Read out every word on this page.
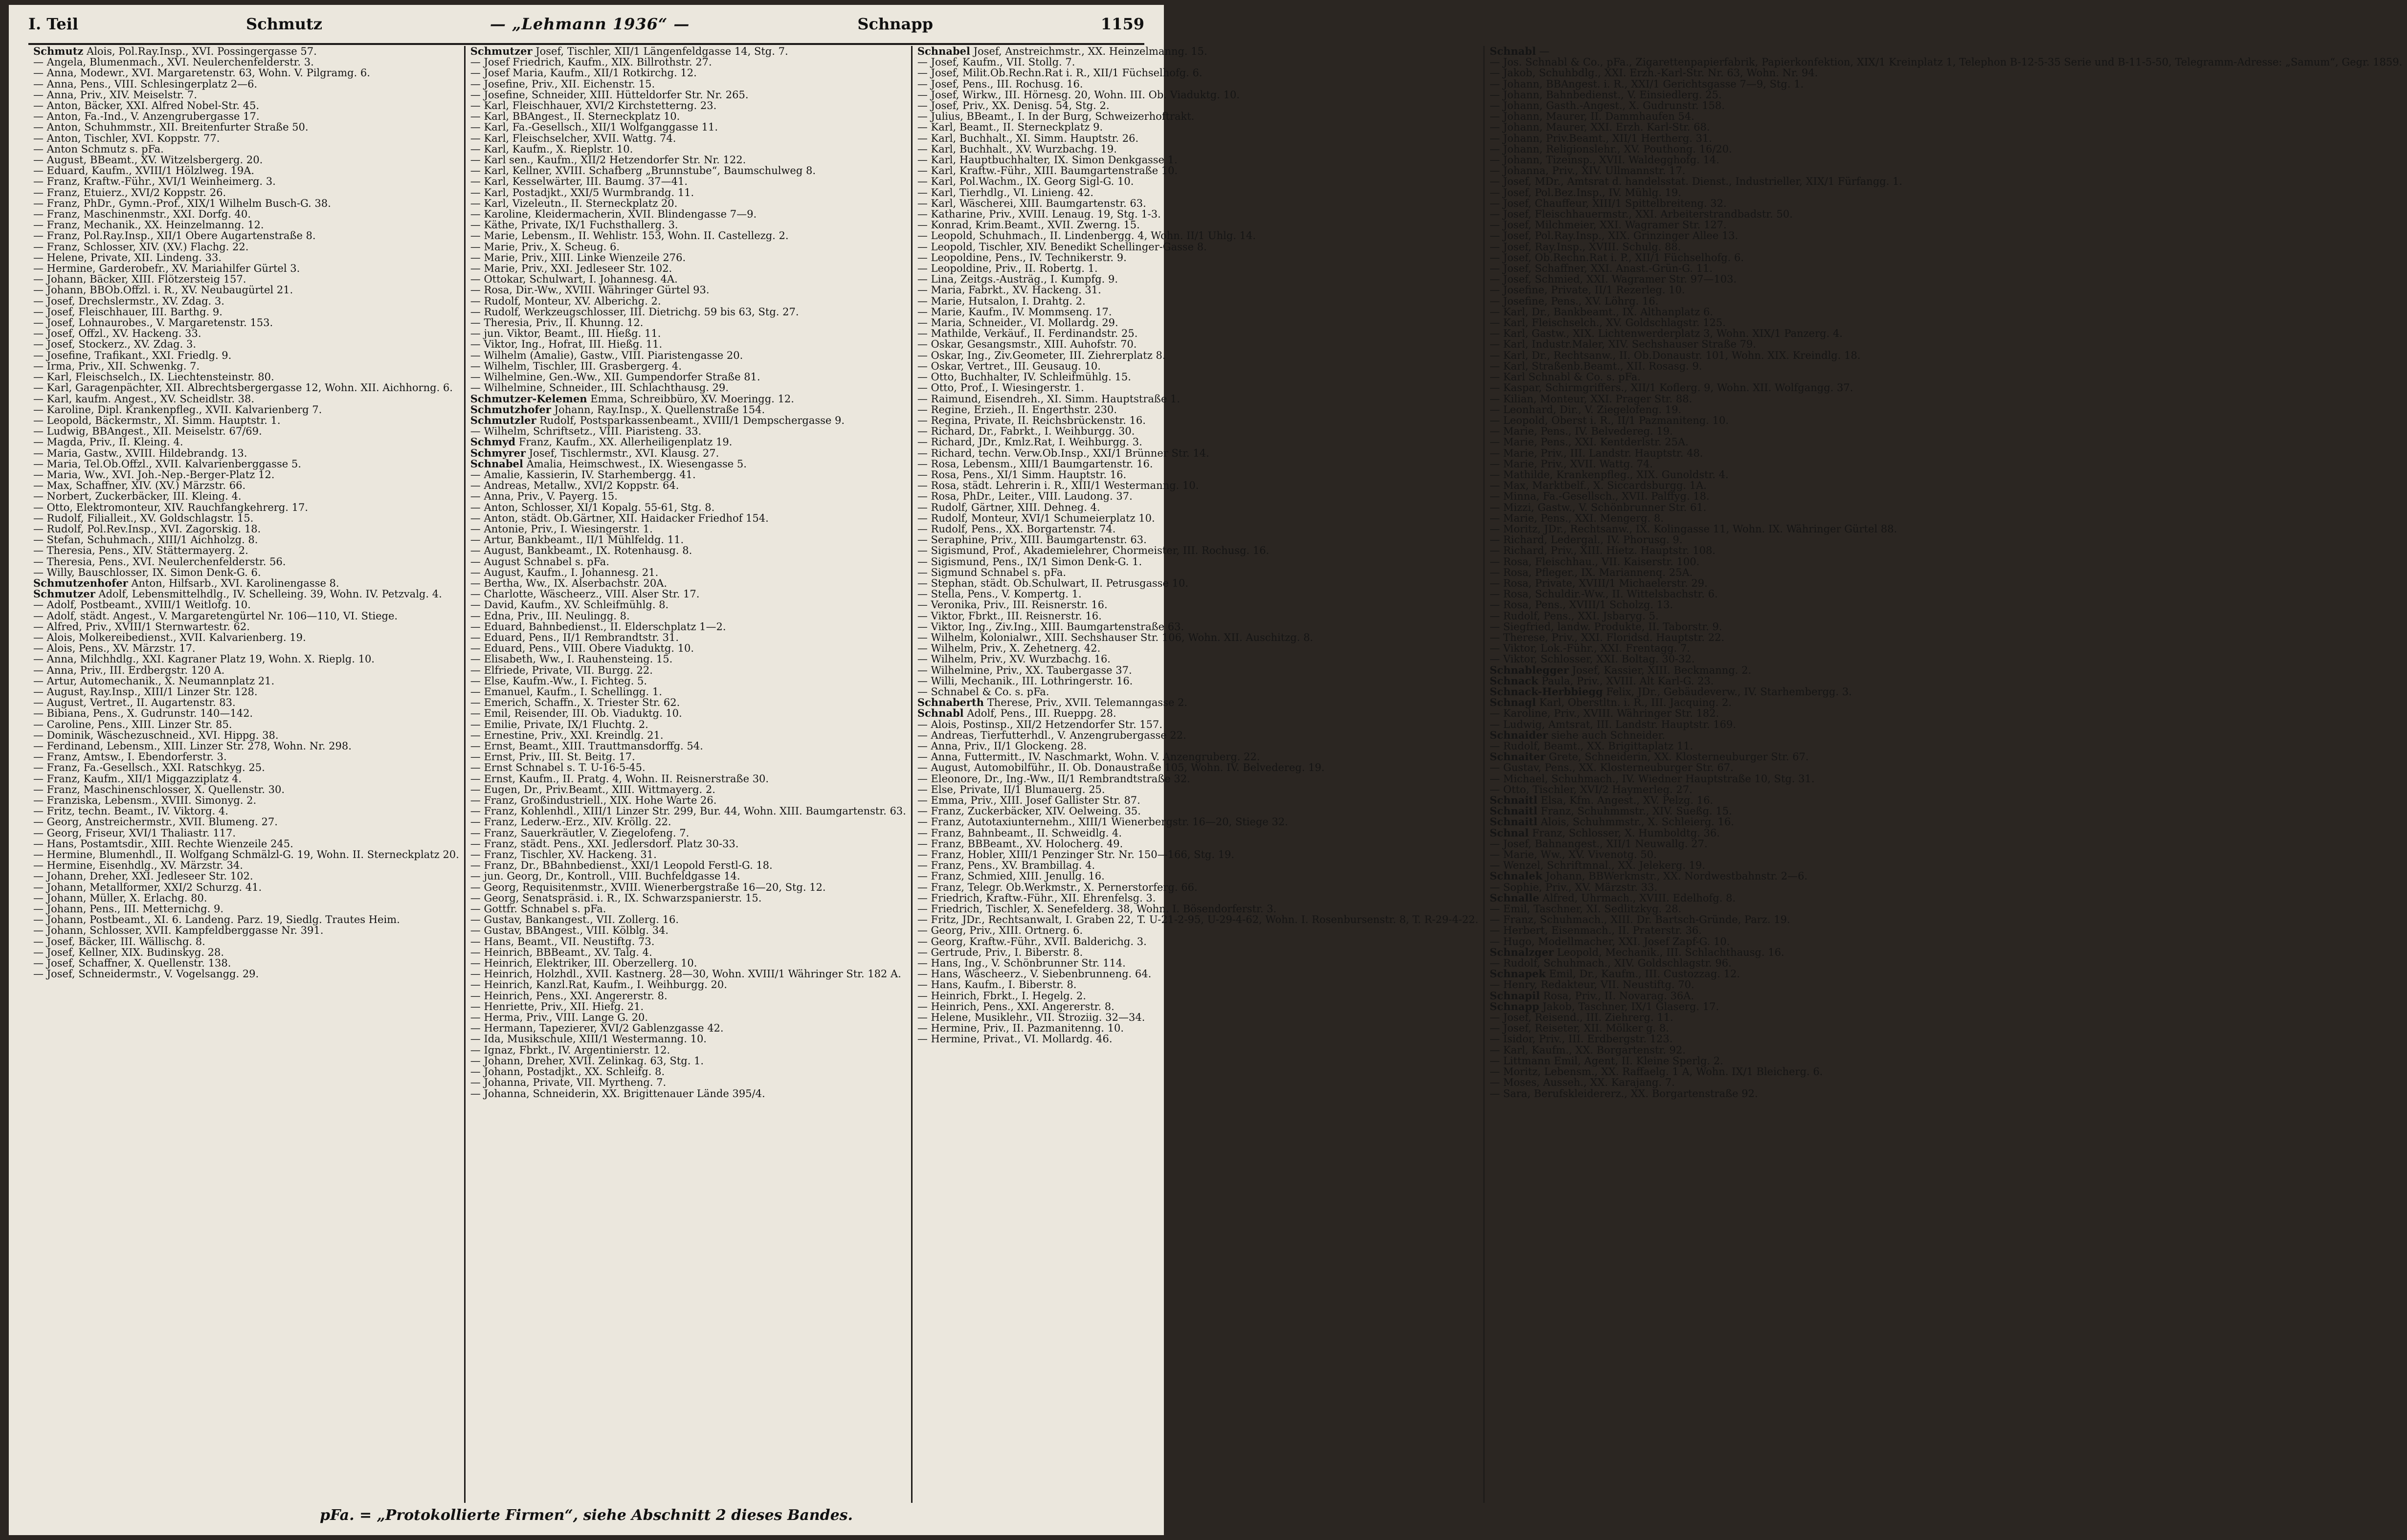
I. Teil	Schmutz	— „Lehmann 1936“ —	Schnapp	1159

Schmutz Alois, Pol.Ray.Insp., XVI. Possingergasse 57.

— Angela, Blumenmach., XVI. Neulerchenfelderstr. 3.

— Anna, Modewr., XVI. Margaretenstr. 63, Wohn. V. Pilgramg. 6.

— Anna, Pens., VIII. Schlesingerplatz 2—6.

— Anna, Priv., XIV. Meiselstr. 7.

— Anton, Bäcker, XXI. Alfred Nobel-Str. 45.

— Anton, Fa.-Ind., V. Anzengrubergasse 17.

— Anton, Schuhmmstr., XII. Breitenfurter Straße 50.

— Anton, Tischler, XVI. Koppstr. 77.

— Anton Schmutz s. pFa.

— August, BBeamt., XV. Witzelsbergerg. 20.

— Eduard, Kaufm., XVIII/1 Hölzlweg. 19A.

— Franz, Kraftw.-Führ., XVI/1 Weinheimerg. 3.

— Franz, Etuierz., XVI/2 Koppstr. 26.

— Franz, PhDr., Gymn.-Prof., XIX/1 Wilhelm Busch-G. 38.

— Franz, Maschinenmstr., XXI. Dorfg. 40.

— Franz, Mechanik., XX. Heinzelmanng. 12.

— Franz, Pol.Ray.Insp., XII/1 Obere Augartenstraße 8.

— Franz, Schlosser, XIV. (XV.) Flachg. 22.

— Helene, Private, XII. Lindeng. 33.

— Hermine, Garderobefr., XV. Mariahilfer Gürtel 3.

— Johann, Bäcker, XIII. Flötzersteig 157.

— Johann, BBOb.Offzl. i. R., XV. Neubaugürtel 21.

— Josef, Drechslermstr., XV. Zdag. 3.

— Josef, Fleischhauer, III. Barthg. 9.

— Josef, Lohnaurobes., V. Margaretenstr. 153.

— Josef, Offzl., XV. Hackeng. 33.

— Josef, Stockerz., XV. Zdag. 3.

— Josefine, Trafikant., XXI. Friedlg. 9.

— Irma, Priv., XII. Schwenkg. 7.

— Karl, Fleischselch., IX. Liechtensteinstr. 80.

— Karl, Garagenpächter, XII. Albrechtsbergergasse 12, Wohn. XII. Aichhorng. 6.

— Karl, kaufm. Angest., XV. Scheidlstr. 38.

— Karoline, Dipl. Krankenpfleg., XVII. Kalvarienberg 7.

— Leopold, Bäckermstr., XI. Simm. Hauptstr. 1.

— Ludwig, BBAngest., XII. Meiselstr. 67/69.

— Magda, Priv., II. Kleing. 4.

— Maria, Gastw., XVIII. Hildebrandg. 13.

— Maria, Tel.Ob.Offzl., XVII. Kalvarienberggasse 5.

— Maria, Ww., XVI. Joh.-Nep.-Berger-Platz 12.

— Max, Schaffner, XIV. (XV.) Märzstr. 66.

— Norbert, Zuckerbäcker, III. Kleing. 4.

— Otto, Elektromonteur, XIV. Rauchfangkehrerg. 17.

— Rudolf, Filialleit., XV. Goldschlagstr. 15.

— Rudolf, Pol.Rev.Insp., XVI. Zagorskig. 18.

— Stefan, Schuhmach., XIII/1 Aichholzg. 8.

— Theresia, Pens., XIV. Stättermayerg. 2.

— Theresia, Pens., XVI. Neulerchenfelderstr. 56.

— Willy, Bauschlosser, IX. Simon Denk-G. 6.

Schmutzenhofer Anton, Hilfsarb., XVI. Karolinengasse 8.

Schmutzer Adolf, Lebensmittelhdlg., IV. Schelleing. 39, Wohn. IV. Petzvalg. 4.

— Adolf, Postbeamt., XVIII/1 Weitlofg. 10.

— Adolf, städt. Angest., V. Margaretengürtel Nr. 106—110, VI. Stiege.

— Alfred, Priv., XVIII/1 Sternwartestr. 62.

— Alois, Molkereibedienst., XVII. Kalvarienberg. 19.

— Alois, Pens., XV. Märzstr. 17.

— Anna, Milchhdlg., XXI. Kagraner Platz 19, Wohn. X. Rieplg. 10.

— Anna, Priv., III. Erdbergstr. 120 A.

— Artur, Automechanik., X. Neumannplatz 21.

— August, Ray.Insp., XIII/1 Linzer Str. 128.

— August, Vertret., II. Augartenstr. 83.

— Bibiana, Pens., X. Gudrunstr. 140—142.

— Caroline, Pens., XIII. Linzer Str. 85.

— Dominik, Wäschezuschneid., XVI. Hippg. 38.

— Ferdinand, Lebensm., XIII. Linzer Str. 278, Wohn. Nr. 298.

— Franz, Amtsw., I. Ebendorferstr. 3.

— Franz, Fa.-Gesellsch., XXI. Ratschkyg. 25.

— Franz, Kaufm., XII/1 Miggazziplatz 4.

— Franz, Maschinenschlosser, X. Quellenstr. 30.

— Franziska, Lebensm., XVIII. Simonyg. 2.

— Fritz, techn. Beamt., IV. Viktorg. 4.

— Georg, Anstreichermstr., XVII. Blumeng. 27.

— Georg, Friseur, XVI/1 Thaliastr. 117.

— Hans, Postamtsdir., XIII. Rechte Wienzeile 245.

— Hermine, Blumenhdl., II. Wolfgang Schmälzl-G. 19, Wohn. II. Sterneckplatz 20.

— Hermine, Eisenhdlg., XV. Märzstr. 34.

— Johann, Dreher, XXI. Jedleseer Str. 102.

— Johann, Metallformer, XXI/2 Schurzg. 41.

— Johann, Müller, X. Erlachg. 80.

— Johann, Pens., III. Metternichg. 9.

— Johann, Postbeamt., XI. 6. Landeng. Parz. 19, Siedlg. Trautes Heim.

— Johann, Schlosser, XVII. Kampfeldberggasse Nr. 391.

— Josef, Bäcker, III. Wällischg. 8.

— Josef, Kellner, XIX. Budinskyg. 28.

— Josef, Schaffner, X. Quellenstr. 138.

— Josef, Schneidermstr., V. Vogelsangg. 29.

Schmutzer Josef, Tischler, XII/1 Längenfeldgasse 14, Stg. 7.

— Josef Friedrich, Kaufm., XIX. Billrothstr. 27.

— Josef Maria, Kaufm., XII/1 Rotkirchg. 12.

— Josefine, Priv., XII. Eichenstr. 15.

— Josefine, Schneider, XIII. Hütteldorfer Str. Nr. 265.

— Karl, Fleischhauer, XVI/2 Kirchstetterng. 23.

— Karl, BBAngest., II. Sterneckplatz 10.

— Karl, Fa.-Gesellsch., XII/1 Wolfganggasse 11.

— Karl, Fleischselcher, XVII. Wattg. 74.

— Karl, Kaufm., X. Rieplstr. 10.

— Karl sen., Kaufm., XII/2 Hetzendorfer Str. Nr. 122.

— Karl, Kellner, XVIII. Schafberg „Brunnstube“, Baumschulweg 8.

— Karl, Kesselwärter, III. Baumg. 37—41.

— Karl, Postadjkt., XXI/5 Wurmbrandg. 11.

— Karl, Vizeleutn., II. Sterneckplatz 20.

— Karoline, Kleidermacherin, XVII. Blindengasse 7—9.

— Käthe, Private, IX/1 Fuchsthallerg. 3.

— Marie, Lebensm., II. Wehlistr. 153, Wohn. II. Castellezg. 2.

— Marie, Priv., X. Scheug. 6.

— Marie, Priv., XIII. Linke Wienzeile 276.

— Marie, Priv., XXI. Jedleseer Str. 102.

— Ottokar, Schulwart, I. Johannesg. 4A.

— Rosa, Dir.-Ww., XVIII. Währinger Gürtel 93.

— Rudolf, Monteur, XV. Alberichg. 2.

— Rudolf, Werkzeugschlosser, III. Dietrichg. 59 bis 63, Stg. 27.

— Theresia, Priv., II. Khunng. 12.

— jun. Viktor, Beamt., III. Hießg. 11.

— Viktor, Ing., Hofrat, III. Hießg. 11.

— Wilhelm (Amalie), Gastw., VIII. Piaristengasse 20.

— Wilhelm, Tischler, III. Grasbergerg. 4.

— Wilhelmine, Gen.-Ww., XII. Gumpendorfer Straße 81.

— Wilhelmine, Schneider., III. Schlachthausg. 29.

Schmutzer-Kelemen Emma, Schreibbüro, XV. Moeringg. 12.

Schmutzhofer Johann, Ray.Insp., X. Quellenstraße 154.

Schmutzler Rudolf, Postsparkassenbeamt., XVIII/1 Dempschergasse 9.

— Wilhelm, Schriftsetz., VIII. Piaristeng. 33.

Schmyd Franz, Kaufm., XX. Allerheiligenplatz 19.

Schmyrer Josef, Tischlermstr., XVI. Klausg. 27.

Schnabel Amalia, Heimschwest., IX. Wiesengasse 5.

— Amalie, Kassierin, IV. Starhembergg. 41.

— Andreas, Metallw., XVI/2 Koppstr. 64.

— Anna, Priv., V. Payerg. 15.

— Anton, Schlosser, XI/1 Kopalg. 55-61, Stg. 8.

— Anton, städt. Ob.Gärtner, XII. Haidacker Friedhof 154.

— Antonie, Priv., I. Wiesingerstr. 1.

— Artur, Bankbeamt., II/1 Mühlfeldg. 11.

— August, Bankbeamt., IX. Rotenhausg. 8.

— August Schnabel s. pFa.

— August, Kaufm., I. Johannesg. 21.

— Bertha, Ww., IX. Alserbachstr. 20A.

— Charlotte, Wäscheerz., VIII. Alser Str. 17.

— David, Kaufm., XV. Schleifmühlg. 8.

— Edna, Priv., III. Neulingg. 8.

— Eduard, Bahnbedienst., II. Elderschplatz 1—2.

— Eduard, Pens., II/1 Rembrandtstr. 31.

— Eduard, Pens., VIII. Obere Viaduktg. 10.

— Elisabeth, Ww., I. Rauhensteing. 15.

— Elfriede, Private, VII. Burgg. 22.

— Else, Kaufm.-Ww., I. Fichteg. 5.

— Emanuel, Kaufm., I. Schellingg. 1.

— Emerich, Schaffn., X. Triester Str. 62.

— Emil, Reisender, III. Ob. Viaduktg. 10.

— Emilie, Private, IX/1 Fluchtg. 2.

— Ernestine, Priv., XXI. Kreindlg. 21.

— Ernst, Beamt., XIII. Trauttmansdorffg. 54.

— Ernst, Priv., III. St. Beitg. 17.

— Ernst Schnabel s. T. U-16-5-45.

— Ernst, Kaufm., II. Pratg. 4, Wohn. II. Reisnerstraße 30.

— Eugen, Dr., Priv.Beamt., XIII. Wittmayerg. 2.

— Franz, Großindustriell., XIX. Hohe Warte 26.

— Franz, Kohlenhdl., XIII/1 Linzer Str. 299, Bur. 44, Wohn. XIII. Baumgartenstr. 63.

— Franz, Lederw.-Erz., XIV. Kröllg. 22.

— Franz, Sauerkräutler, V. Ziegelofeng. 7.

— Franz, städt. Pens., XXI. Jedlersdorf. Platz 30-33.

— Franz, Tischler, XV. Hackeng. 31.

— Franz, Dr., BBahnbedienst., XXI/1 Leopold Ferstl-G. 18.

— jun. Georg, Dr., Kontroll., VIII. Buchfeldgasse 14.

— Georg, Requisitenmstr., XVIII. Wienerbergstraße 16—20, Stg. 12.

— Georg, Senatspräsid. i. R., IX. Schwarzspanierstr. 15.

— Gottfr. Schnabel s. pFa.

— Gustav, Bankangest., VII. Zollerg. 16.

— Gustav, BBAngest., VIII. Kölblg. 34.

— Hans, Beamt., VII. Neustiftg. 73.

— Heinrich, BBBeamt., XV. Talg. 4.

— Heinrich, Elektriker, III. Oberzellerg. 10.

— Heinrich, Holzhdl., XVII. Kastnerg. 28—30, Wohn. XVIII/1 Währinger Str. 182 A.

— Heinrich, Kanzl.Rat, Kaufm., I. Weihburgg. 20.

— Heinrich, Pens., XXI. Angererstr. 8.

— Henriette, Priv., XII. Hiefg. 21.

— Herma, Priv., VIII. Lange G. 20.

— Hermann, Tapezierer, XVI/2 Gablenzgasse 42.

— Ida, Musikschule, XIII/1 Westermanng. 10.

— Ignaz, Fbrkt., IV. Argentinierstr. 12.

— Johann, Dreher, XVII. Zelinkag. 63, Stg. 1.

— Johann, Postadjkt., XX. Schleifg. 8.

— Johanna, Private, VII. Myrtheng. 7.

— Johanna, Schneiderin, XX. Brigittenauer Lände 395/4.

Schnabel Josef, Anstreichmstr., XX. Heinzelmanng. 15.

— Josef, Kaufm., VII. Stollg. 7.

— Josef, Milit.Ob.Rechn.Rat i. R., XII/1 Füchselhofg. 6.

— Josef, Pens., III. Rochusg. 16.

— Josef, Wirkw., III. Hörnesg. 20, Wohn. III. Ob. Viaduktg. 10.

— Josef, Priv., XX. Denisg. 54, Stg. 2.

— Julius, BBeamt., I. In der Burg, Schweizerhoftrakt.

— Karl, Beamt., II. Sterneckplatz 9.

— Karl, Buchhalt., XI. Simm. Hauptstr. 26.

— Karl, Buchhalt., XV. Wurzbachg. 19.

— Karl, Hauptbuchhalter, IX. Simon Denkgasse 1.

— Karl, Kraftw.-Führ., XIII. Baumgartenstraße 10.

— Karl, Pol.Wachm., IX. Georg Sigl-G. 10.

— Karl, Tierhdlg., VI. Linieng. 42.

— Karl, Wäscherei, XIII. Baumgartenstr. 63.

— Katharine, Priv., XVIII. Lenaug. 19, Stg. 1-3.

— Konrad, Krim.Beamt., XVII. Zwerng. 15.

— Leopold, Schuhmach., II. Lindenbergg. 4, Wohn. II/1 Uhlg. 14.

— Leopold, Tischler, XIV. Benedikt Schellinger-Gasse 8.

— Leopoldine, Pens., IV. Technikerstr. 9.

— Leopoldine, Priv., II. Robertg. 1.

— Lina, Zeitgs.-Austräg., I. Kumpfg. 9.

— Maria, Fabrkt., XV. Hackeng. 31.

— Marie, Hutsalon, I. Drahtg. 2.

— Marie, Kaufm., IV. Mommseng. 17.

— Maria, Schneider., VI. Mollardg. 29.

— Mathilde, Verkäuf., II. Ferdinandstr. 25.

— Oskar, Gesangsmstr., XIII. Auhofstr. 70.

— Oskar, Ing., Ziv.Geometer, III. Ziehrerplatz 8.

— Oskar, Vertret., III. Geusaug. 10.

— Otto, Buchhalter, IV. Schleifmühlg. 15.

— Otto, Prof., I. Wiesingerstr. 1.

— Raimund, Eisendreh., XI. Simm. Hauptstraße 1.

— Regine, Erzieh., II. Engerthstr. 230.

— Regina, Private, II. Reichsbrückenstr. 16.

— Richard, Dr., Fabrkt., I. Weihburgg. 30.

— Richard, JDr., Kmlz.Rat, I. Weihburgg. 3.

— Richard, techn. Verw.Ob.Insp., XXI/1 Brünner Str. 14.

— Rosa, Lebensm., XIII/1 Baumgartenstr. 16.

— Rosa, Pens., XI/1 Simm. Hauptstr. 16.

— Rosa, städt. Lehrerin i. R., XIII/1 Westermanng. 10.

— Rosa, PhDr., Leiter., VIII. Laudong. 37.

— Rudolf, Gärtner, XIII. Dehneg. 4.

— Rudolf, Monteur, XVI/1 Schumeierplatz 10.

— Rudolf, Pens., XX. Borgartenstr. 74.

— Seraphine, Priv., XIII. Baumgartenstr. 63.

— Sigismund, Prof., Akademielehrer, Chormeister, III. Rochusg. 16.

— Sigismund, Pens., IX/1 Simon Denk-G. 1.

— Sigmund Schnabel s. pFa.

— Stephan, städt. Ob.Schulwart, II. Petrusgasse 10.

— Stella, Pens., V. Kompertg. 1.

— Veronika, Priv., III. Reisnerstr. 16.

— Viktor, Fbrkt., III. Reisnerstr. 16.

— Viktor, Ing., Ziv.Ing., XIII. Baumgartenstraße 63.

— Wilhelm, Kolonialwr., XIII. Sechshauser Str. 106, Wohn. XII. Auschitzg. 8.

— Wilhelm, Priv., X. Zehetnerg. 42.

— Wilhelm, Priv., XV. Wurzbachg. 16.

— Wilhelmine, Priv., XX. Taubergasse 37.

— Willi, Mechanik., III. Lothringerstr. 16.

— Schnabel & Co. s. pFa.

Schnaberth Therese, Priv., XVII. Telemanngasse 2.

Schnabl Adolf, Pens., III. Rueppg. 28.

— Alois, Postinsp., XII/2 Hetzendorfer Str. 157.

— Andreas, Tierfutterhdl., V. Anzengrubergasse 22.

— Anna, Priv., II/1 Glockeng. 28.

— Anna, Futtermitt., IV. Naschmarkt, Wohn. V. Anzengruberg. 22.

— August, Automobilführ., II. Ob. Donaustraße 105, Wohn. IV. Belvedereg. 19.

— Eleonore, Dr., Ing.-Ww., II/1 Rembrandtstraße 32.

— Else, Private, II/1 Blumauerg. 25.

— Emma, Priv., XIII. Josef Gallister Str. 87.

— Franz, Zuckerbäcker, XIV. Oelweing. 35.

— Franz, Autotaxiunternehm., XIII/1 Wienerbergstr. 16—20, Stiege 32.

— Franz, Bahnbeamt., II. Schweidlg. 4.

— Franz, BBBeamt., XV. Holocherg. 49.

— Franz, Hobler, XIII/1 Penzinger Str. Nr. 150—166, Stg. 19.

— Franz, Pens., XV. Brambillag. 4.

— Franz, Schmied, XIII. Jenullg. 16.

— Franz, Telegr. Ob.Werkmstr., X. Pernerstorferg. 66.

— Friedrich, Kraftw.-Führ., XII. Ehrenfelsg. 3.

— Friedrich, Tischler, X. Senefelderg. 38, Wohn. I. Bösendorferstr. 3.

— Fritz, JDr., Rechtsanwalt, I. Graben 22, T. U-21-2-95, U-29-4-62, Wohn. I. Rosenbursenstr. 8, T. R-29-4-22.

— Georg, Priv., XIII. Ortnerg. 6.

— Georg, Kraftw.-Führ., XVII. Balderichg. 3.

— Gertrude, Priv., I. Biberstr. 8.

— Hans, Ing., V. Schönbrunner Str. 114.

— Hans, Wäscheerz., V. Siebenbrunneng. 64.

— Hans, Kaufm., I. Biberstr. 8.

— Heinrich, Fbrkt., I. Hegelg. 2.

— Heinrich, Pens., XXI. Angererstr. 8.

— Helene, Musiklehr., VII. Stroziig. 32—34.

— Hermine, Priv., II. Pazmanitenng. 10.

— Hermine, Privat., VI. Mollardg. 46.

Schnabl —

— Jos. Schnabl & Co., pFa., Zigarettenpapierfabrik, Papierkonfektion, XIX/1 Kreinplatz 1, Telephon B-12-5-35 Serie und B-11-5-50, Telegramm-Adresse: „Samum“, Gegr. 1859.

— Jakob, Schuhbdlg., XXI. Erzh.-Karl-Str. Nr. 63, Wohn. Nr. 94.

— Johann, BBAngest. i. R., XXI/1 Gerichtsgasse 7—9, Stg. 1.

— Johann, Bahnbedienst., V. Einsiedlerg. 25.

— Johann, Gasth.-Angest., X. Gudrunstr. 158.

— Johann, Maurer, II. Dammhaufen 54.

— Johann, Maurer, XXI. Erzh. Karl-Str. 68.

— Johann, Priv.Beamt., XII/1 Hertherg. 31.

— Johann, Religionslehr., XV. Pouthong. 16/20.

— Johann, Tizeinsp., XVII. Waldegghofg. 14.

— Johanna, Priv., XIV. Ullmannstr. 17.

— Josef, MDr., Amtsrat d. handelsstat. Dienst., Industrieller, XIX/1 Fürfangg. 1.

— Josef, Pol.Bez.Insp., IV. Mühlg. 19.

— Josef, Chauffeur, XIII/1 Spittelbreiteng. 32.

— Josef, Fleischhauermstr., XXI. Arbeiterstrandbadstr. 50.

— Josef, Milchmeier, XXI. Wagramer Str. 127.

— Josef, Pol.Ray.Insp., XIX. Grinzinger Allee 13.

— Josef, Ray.Insp., XVIII. Schulg. 88.

— Josef, Ob.Rechn.Rat i. P., XII/1 Füchselhofg. 6.

— Josef, Schaffner, XXI. Anast.-Grün-G. 11.

— Josef, Schmied, XXI. Wagramer Str. 97—103.

— Josefine, Private, II/1 Rezerleg. 10.

— Josefine, Pens., XV. Löhrg. 16.

— Karl, Dr., Bankbeamt., IX. Althanplatz 6.

— Karl, Fleischselch., XV. Goldschlagstr. 125.

— Karl, Gastw., XIX. Lichtenwerderplatz 3, Wohn. XIX/1 Panzerg. 4.

— Karl, Industr.Maler, XIV. Sechshauser Straße 79.

— Karl, Dr., Rechtsanw., II. Ob.Donaustr. 101, Wohn. XIX. Kreindlg. 18.

— Karl, Straßenb.Beamt., XII. Rosasg. 9.

— Karl Schnabl & Co. s. pFa.

— Kaspar, Schirmgriffers., XII/1 Koflerg. 9, Wohn. XII. Wolfgangg. 37.

— Kilian, Monteur, XXI. Prager Str. 88.

— Leonhard, Dir., V. Ziegelofeng. 19.

— Leopold, Oberst i. R., II/1 Pazmaniteng. 10.

— Marie, Pens., IV. Belvedereg. 19.

— Marie, Pens., XXI. Kentderlstr. 25A.

— Marie, Priv., III. Landstr. Hauptstr. 48.

— Marie, Priv., XVII. Wattg. 74.

— Mathilde, Krankenpfleg., XIX. Gunoldstr. 4.

— Max, Marktbelf., X. Siccardsburgg. 1A.

— Minna, Fa.-Gesellsch., XVII. Palffyg. 18.

— Mizzi, Gastw., V. Schönbrunner Str. 61.

— Marie, Pens., XXI. Mengerg. 8.

— Moritz, JDr., Rechtsanw., IX. Kolingasse 11, Wohn. IX. Währinger Gürtel 88.

— Richard, Ledergal., IV. Phorusg. 9.

— Richard, Priv., XIII. Hietz. Hauptstr. 108.

— Rosa, Fleischhau., VII. Kaiserstr. 100.

— Rosa, Pfleger., IX. Mariannenq. 25A.

— Rosa, Private, XVIII/1 Michaelerstr. 29.

— Rosa, Schuldir.-Ww., II. Wittelsbachstr. 6.

— Rosa, Pens., XVIII/1 Scholzg. 13.

— Rudolf, Pens., XXI. Jsbaryg. 5.

— Siegfried, landw. Produkte, II. Taborstr. 9.

— Therese, Priv., XXI. Floridsd. Hauptstr. 22.

— Viktor, Lok.-Führ., XXI. Frentagg. 7.

— Viktor, Schlosser, XXI. Boltag. 30-32.

Schnablegger Josef, Kassier, XIII. Beckmanng. 2.

Schnack Paula, Priv., XVIII. Alt Karl-G. 23.

Schnack-Herbbiegg Felix, JDr., Gebäudeverw., IV. Starhembergg. 3.

Schnagl Karl, Oberstltn. i. R., III. Jacquing. 2.

— Karoline, Priv., XVIII. Währinger Str. 182.

— Ludwig, Amtsrat, III. Landstr. Hauptstr. 169.

Schnaider siehe auch Schneider.

— Rudolf, Beamt., XX. Brigittaplatz 11.

Schnaiter Grete, Schneiderin, XX. Klosterneuburger Str. 67.

— Gustav, Pens., XX. Klosterneuburger Str. 67.

— Michael, Schuhmach., IV. Wiedner Hauptstraße 10, Stg. 31.

— Otto, Tischler, XVI/2 Haymerleg. 27.

Schnaitl Elsa, Kfm. Angest., XV. Pelzg. 16.

Schnaitl Franz, Schuhmmstr., XIV. Sueßg. 15.

Schnaitl Alois, Schuhmmstr., X. Schleierg. 16.

Schnal Franz, Schlosser, X. Humboldtg. 36.

— Josef, Bahnangest., XII/1 Neuwallg. 27.

— Marie, Ww., XV. Vivenotg. 50.

— Wenzel, Schriftmnal., XX. Jelekerg. 19.

Schnalek Johann, BBWerkmstr., XX. Nordwestbahnstr. 2—6.

— Sophie, Priv., XV. Märzstr. 33.

Schnalle Alfred, Uhrmach., XVIII. Edelhofg. 8.

— Emil, Taschner, XI. Sedlitzkyg. 28.

— Franz, Schuhmach., XIII. Dr. Bartsch-Gründe, Parz. 19.

— Herbert, Eisenmach., II. Praterstr. 36.

— Hugo, Modellmacher, XXI. Josef Zapf-G. 10.

Schnalzger Leopold, Mechanik., III. Schlachthausg. 16.

— Rudolf, Schuhmach., XIV. Goldschlagstr. 96.

Schnapek Emil, Dr., Kaufm., III. Custozzag. 12.

— Henry, Redakteur, VII. Neustiftg. 70.

Schnapil Rosa, Priv., II. Novarag. 36A.

Schnapp Jakob, Taschner, IX/1 Glaserg. 17.

— Josef, Reisend., III. Ziehrerg. 11.

— Josef, Reiseter, XII. Mölker g. 8.

— Isidor, Priv., III. Erdbergstr. 123.

— Karl, Kaufm., XX. Borgartenstr. 92.

— Littmann Emil, Agent, II. Kleine Sperlg. 2.

— Moritz, Lebensm., XX. Raffaelg. 1 A, Wohn. IX/1 Bleicherg. 6.

— Moses, Ausseh., XX. Karajang. 7.

— Sara, Berufskleidererz., XX. Borgartenstraße 92.

pFa. = „Protokollierte Firmen“, siehe Abschnitt 2 dieses Bandes.
